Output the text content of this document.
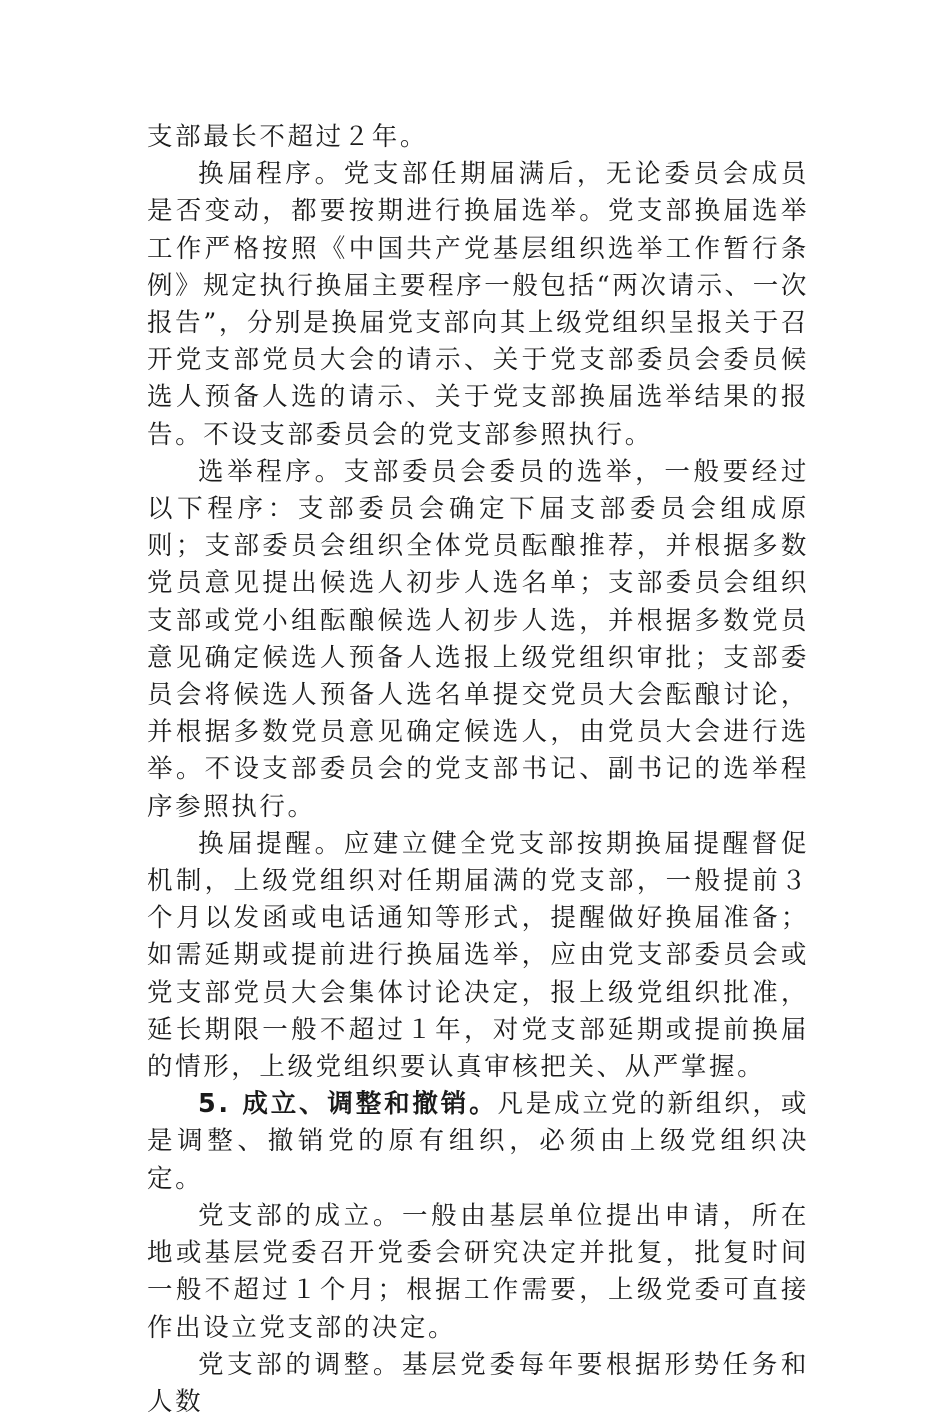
支部最长不超过２年。

换届程序。党支部任期届满后，无论委员会成员是否变动，都要按期进行换届选举。党支部换届选举工作严格按照《中国共产党基层组织选举工作暂行条例》规定执行换届主要程序一般包括“两次请示、一次报告”，分别是换届党支部向其上级党组织呈报关于召开党支部党员大会的请示、关于党支部委员会委员候选人预备人选的请示、关于党支部换届选举结果的报告。不设支部委员会的党支部参照执行。

选举程序。支部委员会委员的选举，一般要经过以下程序：支部委员会确定下届支部委员会组成原则；支部委员会组织全体党员酝酿推荐，并根据多数党员意见提出候选人初步人选名单；支部委员会组织支部或党小组酝酿候选人初步人选，并根据多数党员意见确定候选人预备人选报上级党组织审批；支部委员会将候选人预备人选名单提交党员大会酝酿讨论，并根据多数党员意见确定候选人，由党员大会进行选举。不设支部委员会的党支部书记、副书记的选举程序参照执行。

换届提醒。应建立健全党支部按期换届提醒督促机制，上级党组织对任期届满的党支部，一般提前３个月以发函或电话通知等形式，提醒做好换届准备；如需延期或提前进行换届选举，应由党支部委员会或党支部党员大会集体讨论决定，报上级党组织批准，延长期限一般不超过１年，对党支部延期或提前换届的情形，上级党组织要认真审核把关、从严掌握。

5. 成立、调整和撤销。凡是成立党的新组织，或是调整、撤销党的原有组织，必须由上级党组织决定。

党支部的成立。一般由基层单位提出申请，所在地或基层党委召开党委会研究决定并批复，批复时间一般不超过１个月；根据工作需要，上级党委可直接作出设立党支部的决定。

党支部的调整。基层党委每年要根据形势任务和人数
